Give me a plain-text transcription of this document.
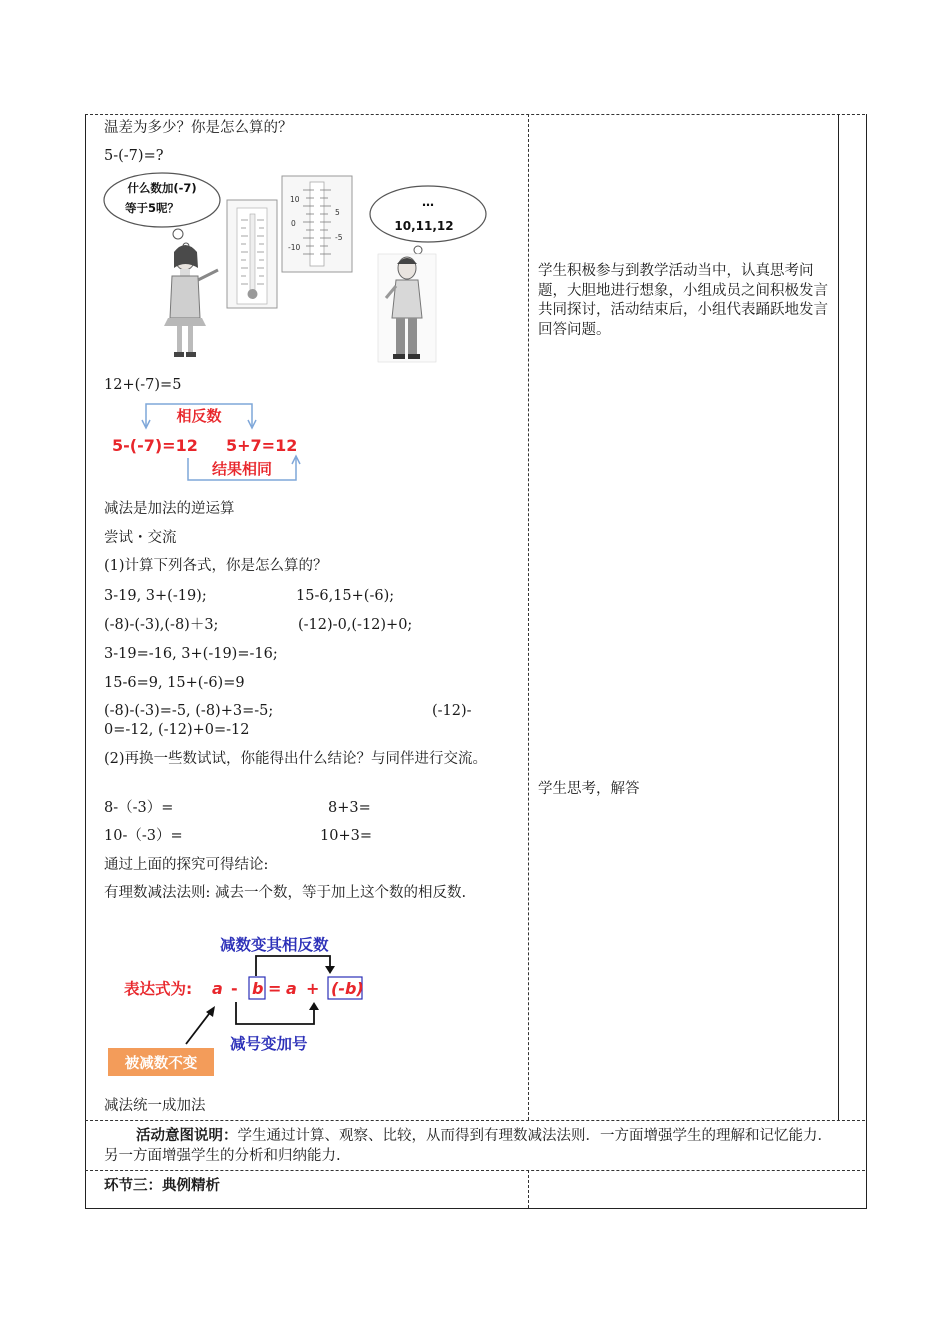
温差为多少？你是怎么算的？
5-(-7)=?
什么数加(-7)
等于5呢？
10
5
0
-5
-10
…
10,11,12
12+(-7)=5
相反数
5-(-7)=12 5+7=12
结果相同
减法是加法的逆运算
尝试・交流
(1)计算下列各式，你是怎么算的？
3-19, 3+(-19);	15-6,15+(-6);
(-8)-(-3),(-8)＋3;	(-12)-0,(-12)+0;
3-19=-16, 3+(-19)=-16;
15-6=9, 15+(-6)=9
(-8)-(-3)=-5, (-8)+3=-5;	(-12)-
0=-12, (-12)+0=-12
(2)再换一些数试试，你能得出什么结论？与同伴进行交流。
8-（-3）=	8+3=
10-（-3）=	10+3=
通过上面的探究可得结论:
有理数减法法则: 减去一个数，等于加上这个数的相反数.
减数变其相反数
表达式为: a - b = a + (-b)
减号变加号
被减数不变
减法统一成加法
学生积极参与到教学活动当中，认真思考问题，大胆地进行想象，小组成员之间积极发言共同探讨，活动结束后，小组代表踊跃地发言回答问题。
学生思考，解答
活动意图说明：学生通过计算、观察、比较，从而得到有理数减法法则．一方面增强学生的理解和记忆能力．另一方面增强学生的分析和归纳能力.
环节三：典例精析
